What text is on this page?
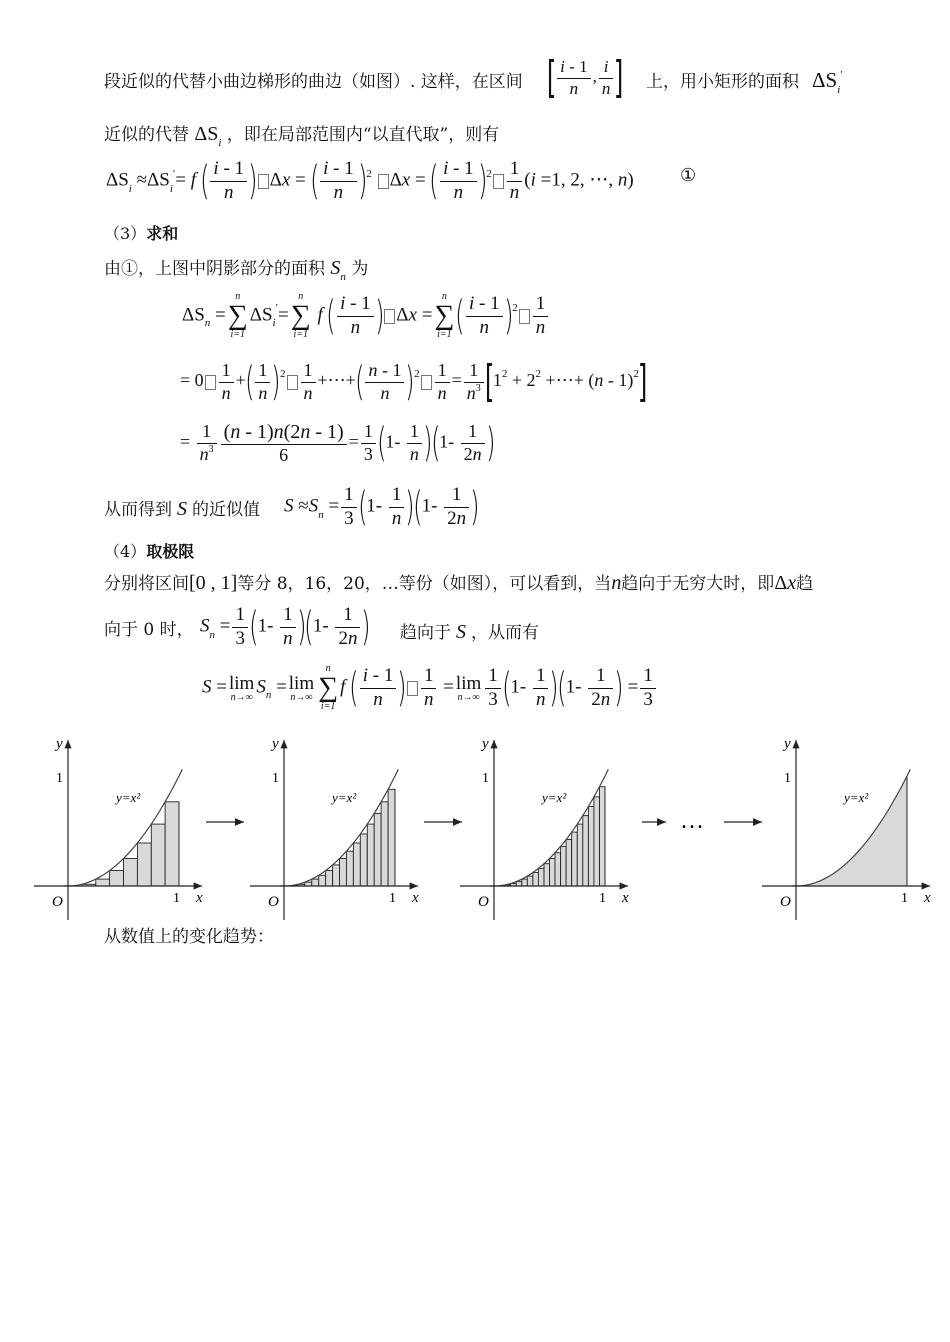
段近似的代替小曲边梯形的曲边（如图）. 这样，在区间 [ $\frac{i - 1}{n}$ , $\frac{i}{n}$ ] 上，用小矩形的面积 $\Delta S_i'$
近似的代替 $\Delta S_i$ ，即在局部范围内“以直代取”，则有
$\Delta S_i \approx\Delta S_i'= f$ ( $\frac{i - 1}{n}$ ) Δx = ( $\frac{i - 1}{n} )^2$ Δx = ( $\frac{i - 1}{n} )^2 \frac{1}{n} (i =1$, 2, ⋯, n)	①
（3）求和
由①，上图中阴影部分的面积 $S_n$ 为
$\Delta S_n$ =
n
∑
i=1
$\Delta S_i'=$
n
∑
i=1
f ( $\frac{i - 1}{n}$ ) Δx =
n
∑
i=1 ( $\frac{i - 1}{n} )^2 \frac{1}{n}$
= $0 \frac{1}{n}$ +( $\frac{1}{n} )^2 \frac{1}{n}$ +⋯+( $\frac{n - 1}{n} )^2 \frac{1}{n} = \frac{1}{n^3} [1^2 + 2^2$ +⋯+ (n - 1)$^2$]
= $\frac{1}{n^3} \frac{(n - 1)n(2n - 1)}{6} = \frac{1}{3} (1- \frac{1}{n} )(1- \frac{1}{2n}$ )
从而得到 S 的近似值 $S \approx S_n = \frac{1}{3} (1- \frac{1}{n} )(1- \frac{1}{2n}$ )
（4）取极限
分别将区间[0 , 1]等分 8，16，20，…等份（如图），可以看到，当n趋向于无穷大时，即Δx趋
向于 0 时， $S_n = \frac{1}{3} (1- \frac{1}{n} )(1- \frac{1}{2n}$ ) 趋向于 S ，从而有
S = lim
n→∞ $S_n = \lim$
n→∞
n
∑
i=1
f ( $\frac{i - 1}{n}$ ) $\frac{1}{n} = \lim$
$n\to\infty \frac{1}{3} (1- \frac{1}{n} )(1- \frac{1}{2n}$ ) = $\frac{1}{3}$
y
x
O
1
1
y=x²
y
x
O
1
1
y=x²
y
x
O
1
1
y=x²
y
x
O
1
1
y=x²
…
从数值上的变化趋势：
